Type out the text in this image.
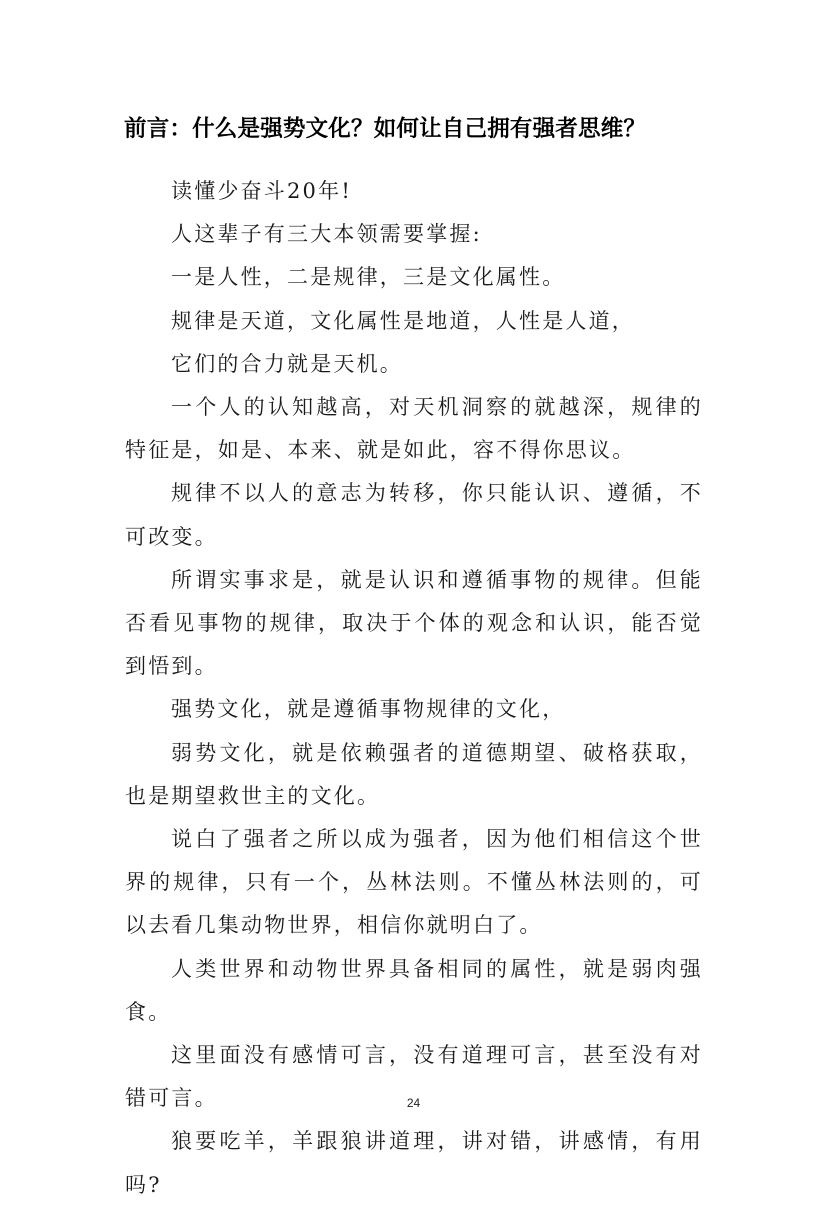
前言：什么是强势文化？如何让自己拥有强者思维？

读懂少奋斗20年!

人这辈子有三大本领需要掌握:

一是人性，二是规律，三是文化属性。

规律是天道，文化属性是地道，人性是人道，

它们的合力就是天机。

一个人的认知越高，对天机洞察的就越深，规律的特征是，如是、本来、就是如此，容不得你思议。

规律不以人的意志为转移，你只能认识、遵循，不可改变。

所谓实事求是，就是认识和遵循事物的规律。但能否看见事物的规律，取决于个体的观念和认识，能否觉到悟到。

强势文化，就是遵循事物规律的文化，

弱势文化，就是依赖强者的道德期望、破格获取，也是期望救世主的文化。

说白了强者之所以成为强者，因为他们相信这个世界的规律，只有一个，丛林法则。不懂丛林法则的，可以去看几集动物世界，相信你就明白了。

人类世界和动物世界具备相同的属性，就是弱肉强食。

这里面没有感情可言，没有道理可言，甚至没有对错可言。

狼要吃羊，羊跟狼讲道理，讲对错，讲感情，有用吗?

24
